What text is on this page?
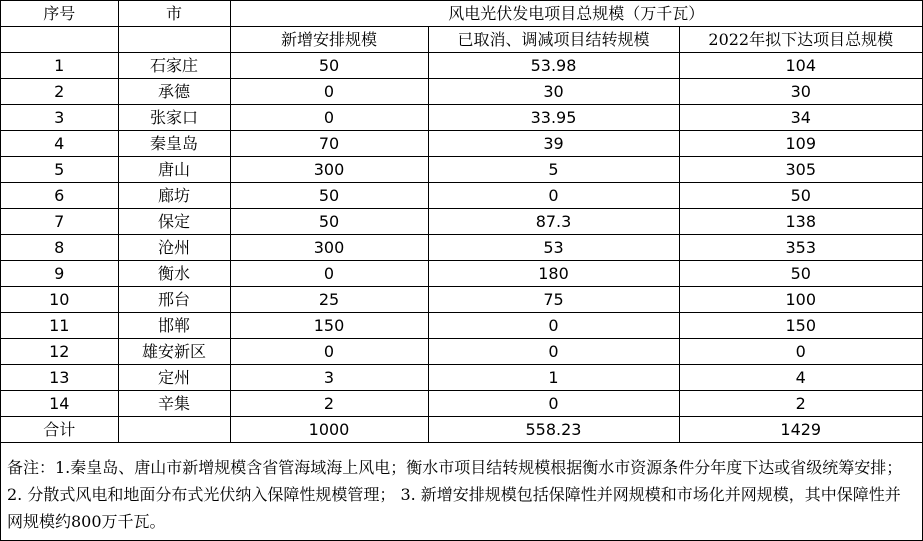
序号	市	风电光伏发电项目总规模（万千瓦）		
		新增安排规模	已取消、调减项目结转规模	2022年拟下达项目总规模
1	石家庄	50	53.98	104
2	承德	0	30	30
3	张家口	0	33.95	34
4	秦皇岛	70	39	109
5	唐山	300	5	305
6	廊坊	50	0	50
7	保定	50	87.3	138
8	沧州	300	53	353
9	衡水	0	180	50
10	邢台	25	75	100
11	邯郸	150	0	150
12	雄安新区	0	0	0
13	定州	3	1	4
14	辛集	2	0	2
合计		1000	558.23	1429
备注：1.秦皇岛、唐山市新增规模含省管海域海上风电；衡水市项目结转规模根据衡水市资源条件分年度下达或省级统筹安排； 2. 分散式风电和地面分布式光伏纳入保障性规模管理； 3. 新增安排规模包括保障性并网规模和市场化并网规模，其中保障性并网规模约800万千瓦。
